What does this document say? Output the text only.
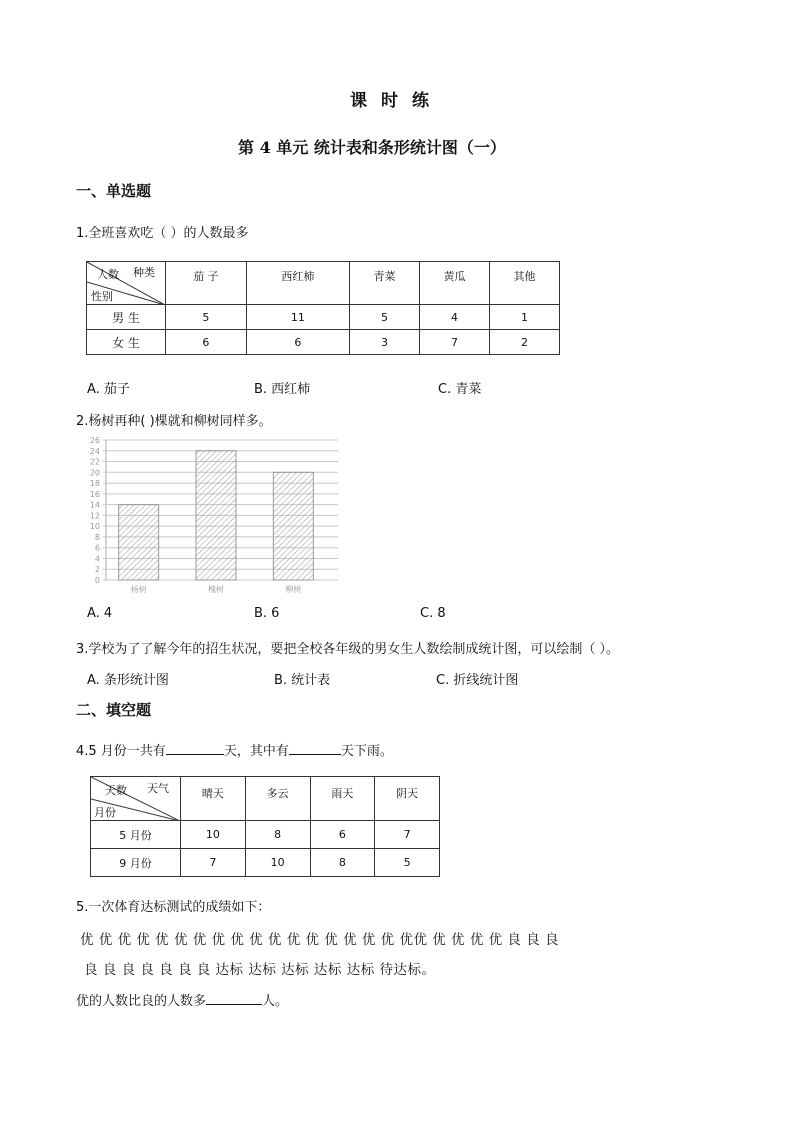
课时练
第 4 单元 统计表和条形统计图（一）
一、单选题
1.全班喜欢吃（ ）的人数最多
种类
人数
性别	茄 子	西红柿	青菜	黄瓜	其他
男 生	5	11	5	4	1
女 生	6	6	3	7	2
A. 茄子	B. 西红柿	C. 青菜
2.杨树再种( )棵就和柳树同样多。
0
2
4
6
8
10
12
14
16
18
20
22
24
26
杨树	槐树	柳树
A. 4	B. 6	C. 8
3.学校为了了解今年的招生状况，要把全校各年级的男女生人数绘制成统计图，可以绘制（ ）。
A. 条形统计图	B. 统计表	C. 折线统计图
二、填空题
4.5 月份一共有	天，其中有	天下雨。
天气
天数
月份	晴天	多云	雨天	阴天
5 月份	10	8	6	7
9 月份	7	10	8	5
5.一次体育达标测试的成绩如下：
优 优 优 优 优 优 优 优 优 优 优 优 优 优 优 优 优 优优 优 优 优 优 良 良 良
良 良 良 良 良 良 良 达标 达标 达标 达标 达标 待达标。
优的人数比良的人数多	人。
